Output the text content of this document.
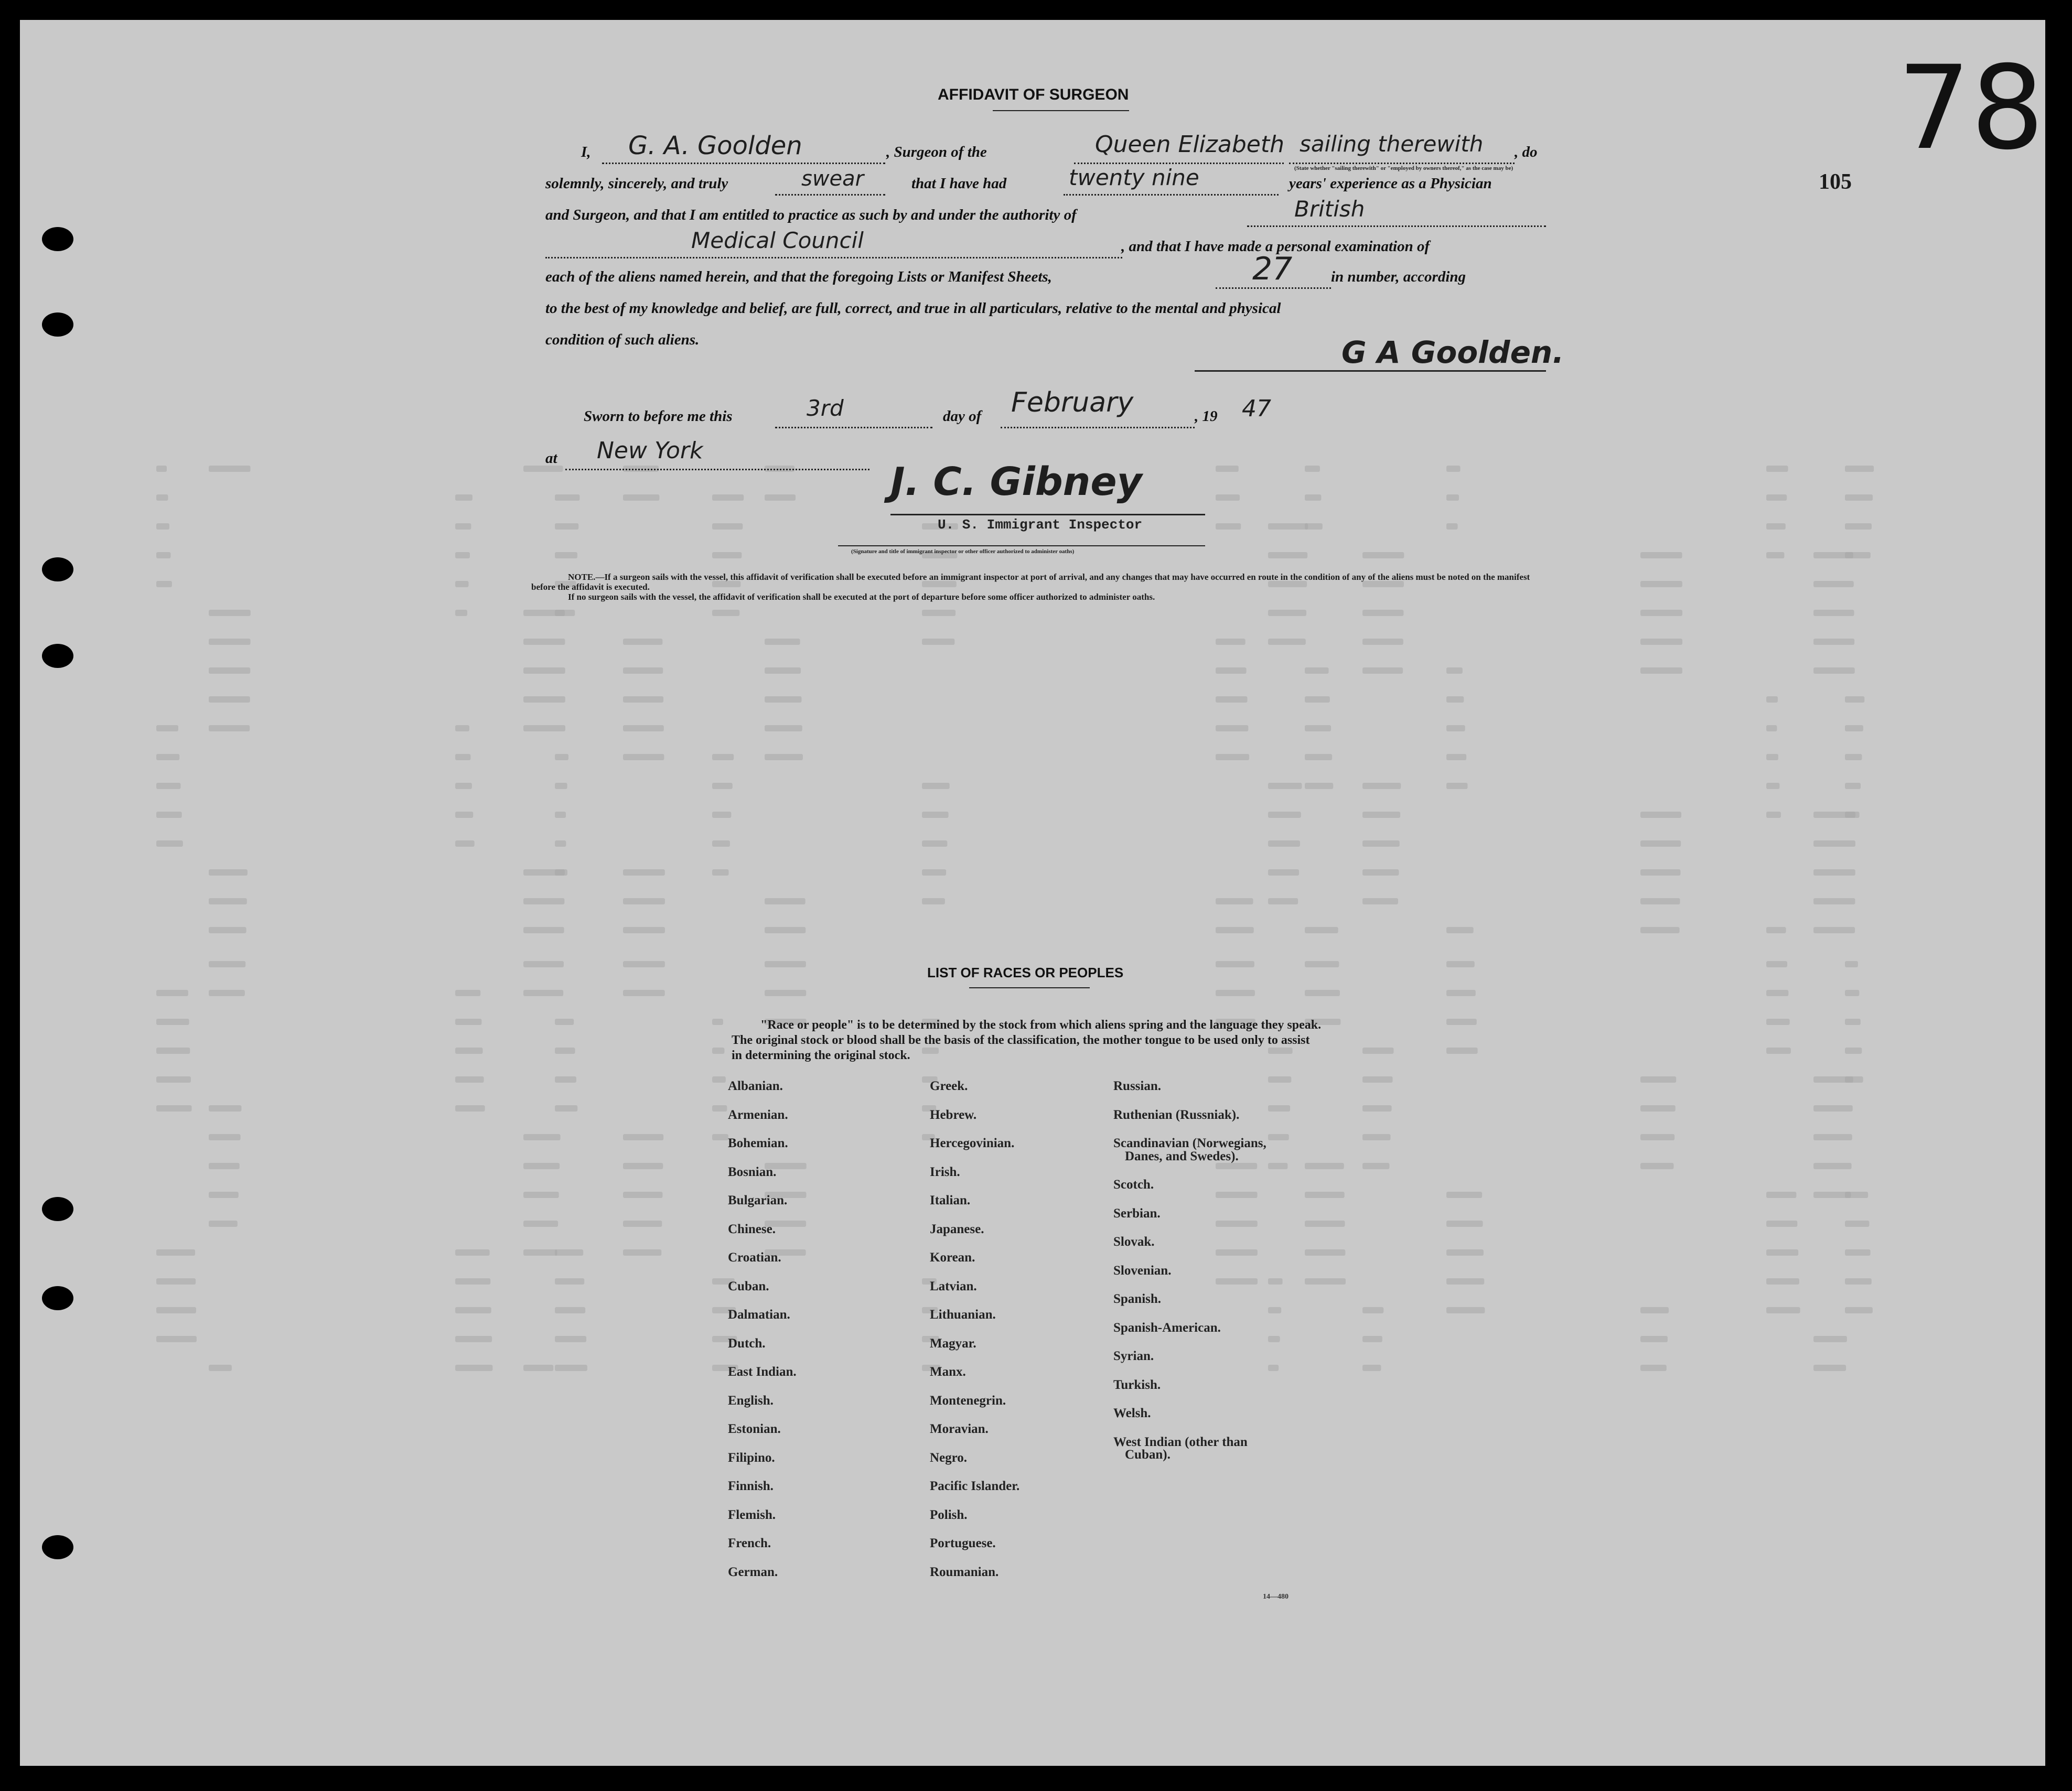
78
105
AFFIDAVIT OF SURGEON
I, G. A. Goolden	, Surgeon of the	Queen Elizabeth sailing therewith
(State whether "sailing therewith" or "employed by owners thereof," as the case may be)
, do
solemnly, sincerely, and truly	swear	that I have had	twenty nine	years' experience as a Physician
and Surgeon, and that I am entitled to practice as such by and under the authority of	British
Medical Council	, and that I have made a personal examination of
each of the aliens named herein, and that the foregoing Lists or Manifest Sheets,	27	in number, according
to the best of my knowledge and belief, are full, correct, and true in all particulars, relative to the mental and physical
condition of such aliens.	G A Goolden.
Sworn to before me this	3rd	day of February	, 19 47
at New York
J. C. Gibney
U. S. Immigrant Inspector
(Signature and title of immigrant inspector or other officer authorized to administer oaths)
NOTE.—If a surgeon sails with the vessel, this affidavit of verification shall be executed before an immigrant inspector at port of arrival, and any changes that may have occurred en route in the condition of any of the aliens must be noted on the manifest before the affidavit is executed.
If no surgeon sails with the vessel, the affidavit of verification shall be executed at the port of departure before some officer authorized to administer oaths.
LIST OF RACES OR PEOPLES
"Race or people" is to be determined by the stock from which aliens spring and the language they speak. The original stock or blood shall be the basis of the classification, the mother tongue to be used only to assist in determining the original stock.
Albanian.
Armenian.
Bohemian.
Bosnian.
Bulgarian.
Chinese.
Croatian.
Cuban.
Dalmatian.
Dutch.
East Indian.
English.
Estonian.
Filipino.
Finnish.
Flemish.
French.
German.
Greek.
Hebrew.
Hercegovinian.
Irish.
Italian.
Japanese.
Korean.
Latvian.
Lithuanian.
Magyar.
Manx.
Montenegrin.
Moravian.
Negro.
Pacific Islander.
Polish.
Portuguese.
Roumanian.
Russian.
Ruthenian (Russniak).
Scandinavian (Norwegians,
Danes, and Swedes).
Scotch.
Serbian.
Slovak.
Slovenian.
Spanish.
Spanish-American.
Syrian.
Turkish.
Welsh.
West Indian (other than
Cuban).
14—480
